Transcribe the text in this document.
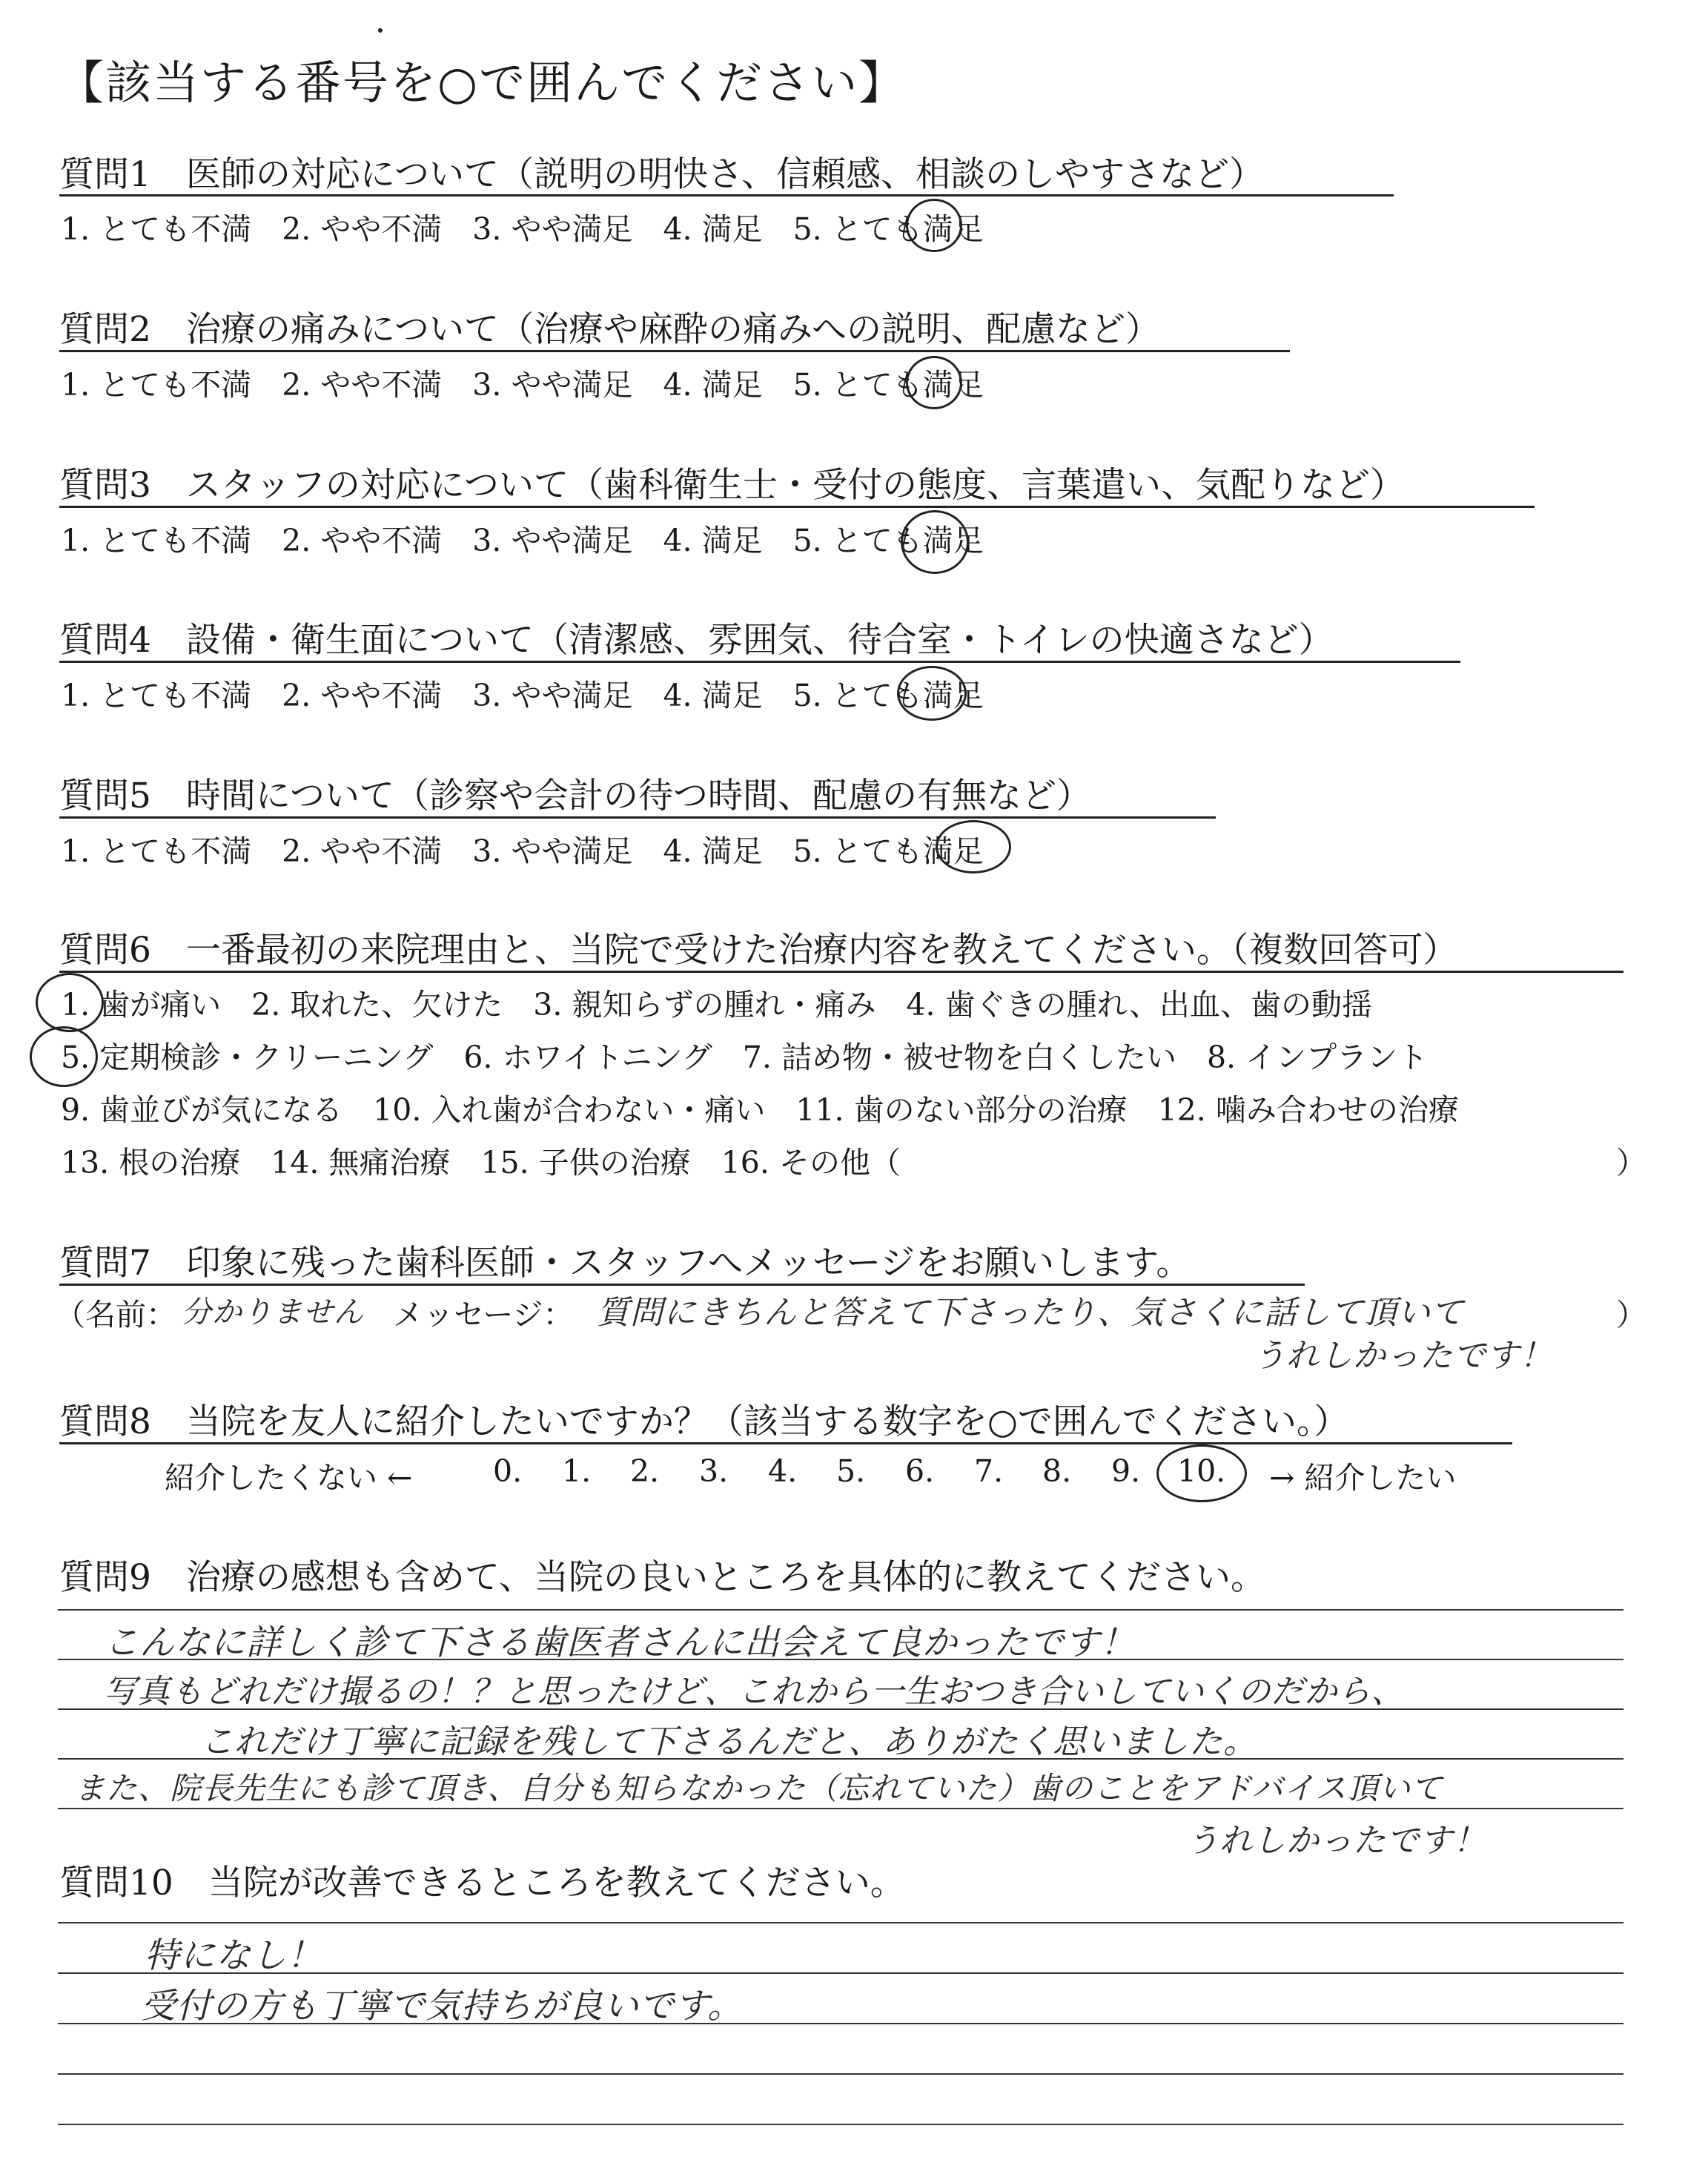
【該当する番号を○で囲んでください】
質問1　医師の対応について（説明の明快さ、信頼感、相談のしやすさなど）
1. とても不満　2. やや不満　3. やや満足　4. 満足　5. とても満足
質問2　治療の痛みについて（治療や麻酔の痛みへの説明、配慮など）
1. とても不満　2. やや不満　3. やや満足　4. 満足　5. とても満足
質問3　スタッフの対応について（歯科衛生士・受付の態度、言葉遣い、気配りなど）
1. とても不満　2. やや不満　3. やや満足　4. 満足　5. とても満足
質問4　設備・衛生面について（清潔感、雰囲気、待合室・トイレの快適さなど）
1. とても不満　2. やや不満　3. やや満足　4. 満足　5. とても満足
質問5　時間について（診察や会計の待つ時間、配慮の有無など）
1. とても不満　2. やや不満　3. やや満足　4. 満足　5. とても満足
質問6　一番最初の来院理由と、当院で受けた治療内容を教えてください。（複数回答可）
1. 歯が痛い　2. 取れた、欠けた　3. 親知らずの腫れ・痛み　4. 歯ぐきの腫れ、出血、歯の動揺
5. 定期検診・クリーニング　6. ホワイトニング　7. 詰め物・被せ物を白くしたい　8. インプラント
9. 歯並びが気になる　10. 入れ歯が合わない・痛い　11. 歯のない部分の治療　12. 噛み合わせの治療
13. 根の治療　14. 無痛治療　15. 子供の治療　16. その他（	）
質問7　印象に残った歯科医師・スタッフへメッセージをお願いします。
（名前： 分かりません メッセージ： 質問にきちんと答えて下さったり、気さくに話して頂いて
うれしかったです！
）
質問8　当院を友人に紹介したいですか？（該当する数字を○で囲んでください。）
紹介したくない ←	0. 1. 2. 3. 4. 5. 6. 7. 8. 9. 10. → 紹介したい
質問9　治療の感想も含めて、当院の良いところを具体的に教えてください。
こんなに詳しく診て下さる歯医者さんに出会えて良かったです！
写真もどれだけ撮るの！？と思ったけど、これから一生おつき合いしていくのだから、
これだけ丁寧に記録を残して下さるんだと、ありがたく思いました。
また、院長先生にも診て頂き、自分も知らなかった（忘れていた）歯のことをアドバイス頂いて
うれしかったです！
質問10　当院が改善できるところを教えてください。
特になし！
受付の方も丁寧で気持ちが良いです。
